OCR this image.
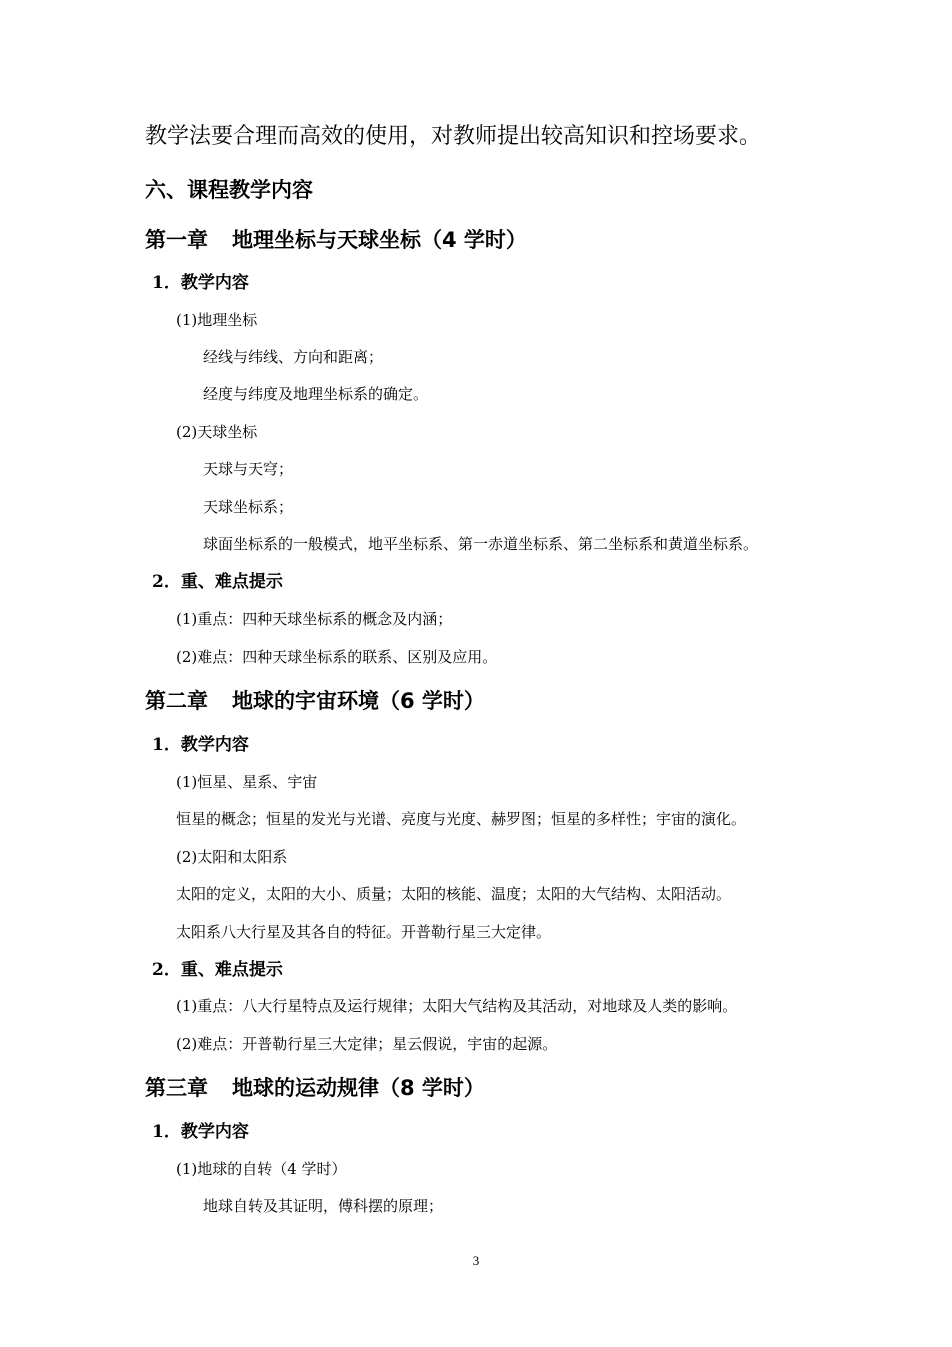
教学法要合理而高效的使用，对教师提出较高知识和控场要求。
六、课程教学内容
第一章 地理坐标与天球坐标（4 学时）
1．教学内容
(1)地理坐标
经线与纬线、方向和距离；
经度与纬度及地理坐标系的确定。
(2)天球坐标
天球与天穹；
天球坐标系；
球面坐标系的一般模式，地平坐标系、第一赤道坐标系、第二坐标系和黄道坐标系。
2．重、难点提示
(1)重点：四种天球坐标系的概念及内涵；
(2)难点：四种天球坐标系的联系、区别及应用。
第二章 地球的宇宙环境（6 学时）
1．教学内容
(1)恒星、星系、宇宙
恒星的概念；恒星的发光与光谱、亮度与光度、赫罗图；恒星的多样性；宇宙的演化。
(2)太阳和太阳系
太阳的定义，太阳的大小、质量；太阳的核能、温度；太阳的大气结构、太阳活动。
太阳系八大行星及其各自的特征。开普勒行星三大定律。
2．重、难点提示
(1)重点：八大行星特点及运行规律；太阳大气结构及其活动，对地球及人类的影响。
(2)难点：开普勒行星三大定律；星云假说，宇宙的起源。
第三章 地球的运动规律（8 学时）
1．教学内容
(1)地球的自转（4 学时）
地球自转及其证明，傅科摆的原理；
3
